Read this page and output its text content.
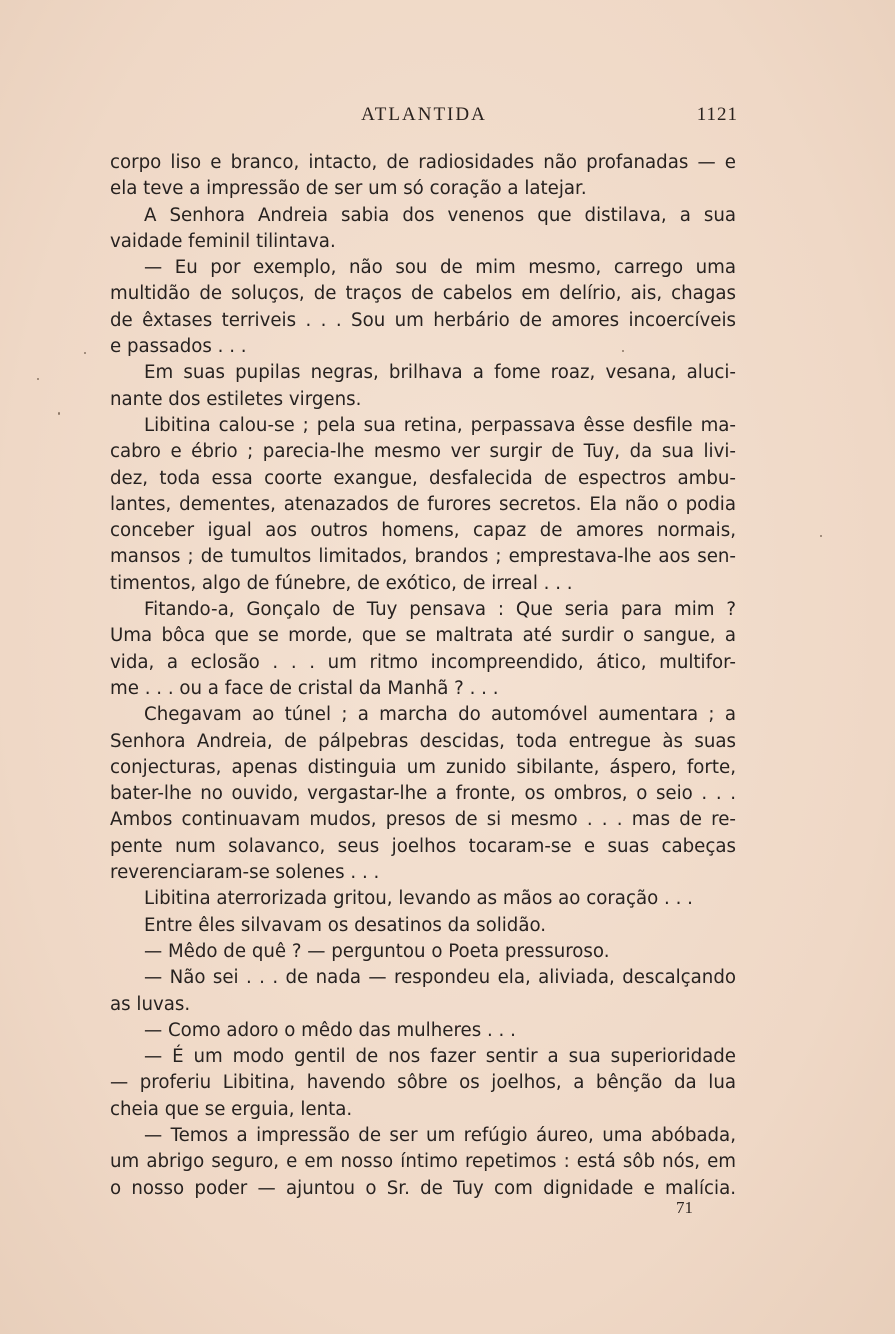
ATLANTIDA	1121
corpo liso e branco, intacto, de radiosidades não profanadas — e
ela teve a impressão de ser um só coração a latejar.
A Senhora Andreia sabia dos venenos que distilava, a sua
vaidade feminil tilintava.
— Eu por exemplo, não sou de mim mesmo, carrego uma
multidão de soluços, de traços de cabelos em delírio, ais, chagas
de êxtases terriveis . . . Sou um herbário de amores incoercíveis
e passados . . .
Em suas pupilas negras, brilhava a fome roaz, vesana, aluci-
nante dos estiletes virgens.
Libitina calou-se ; pela sua retina, perpassava êsse desfile ma-
cabro e ébrio ; parecia-lhe mesmo ver surgir de Tuy, da sua livi-
dez, toda essa coorte exangue, desfalecida de espectros ambu-
lantes, dementes, atenazados de furores secretos. Ela não o podia
conceber igual aos outros homens, capaz de amores normais,
mansos ; de tumultos limitados, brandos ; emprestava-lhe aos sen-
timentos, algo de fúnebre, de exótico, de irreal . . .
Fitando-a, Gonçalo de Tuy pensava : Que seria para mim ?
Uma bôca que se morde, que se maltrata até surdir o sangue, a
vida, a eclosão . . . um ritmo incompreendido, ático, multifor-
me . . . ou a face de cristal da Manhã ? . . .
Chegavam ao túnel ; a marcha do automóvel aumentara ; a
Senhora Andreia, de pálpebras descidas, toda entregue às suas
conjecturas, apenas distinguia um zunido sibilante, áspero, forte,
bater-lhe no ouvido, vergastar-lhe a fronte, os ombros, o seio . . .
Ambos continuavam mudos, presos de si mesmo . . . mas de re-
pente num solavanco, seus joelhos tocaram-se e suas cabeças
reverenciaram-se solenes . . .
Libitina aterrorizada gritou, levando as mãos ao coração . . .
Entre êles silvavam os desatinos da solidão.
— Mêdo de quê ? — perguntou o Poeta pressuroso.
— Não sei . . . de nada — respondeu ela, aliviada, descalçando
as luvas.
— Como adoro o mêdo das mulheres . . .
— É um modo gentil de nos fazer sentir a sua superioridade
— proferiu Libitina, havendo sôbre os joelhos, a bênção da lua
cheia que se erguia, lenta.
— Temos a impressão de ser um refúgio áureo, uma abóbada,
um abrigo seguro, e em nosso íntimo repetimos : está sôb nós, em
o nosso poder — ajuntou o Sr. de Tuy com dignidade e malícia.
71
